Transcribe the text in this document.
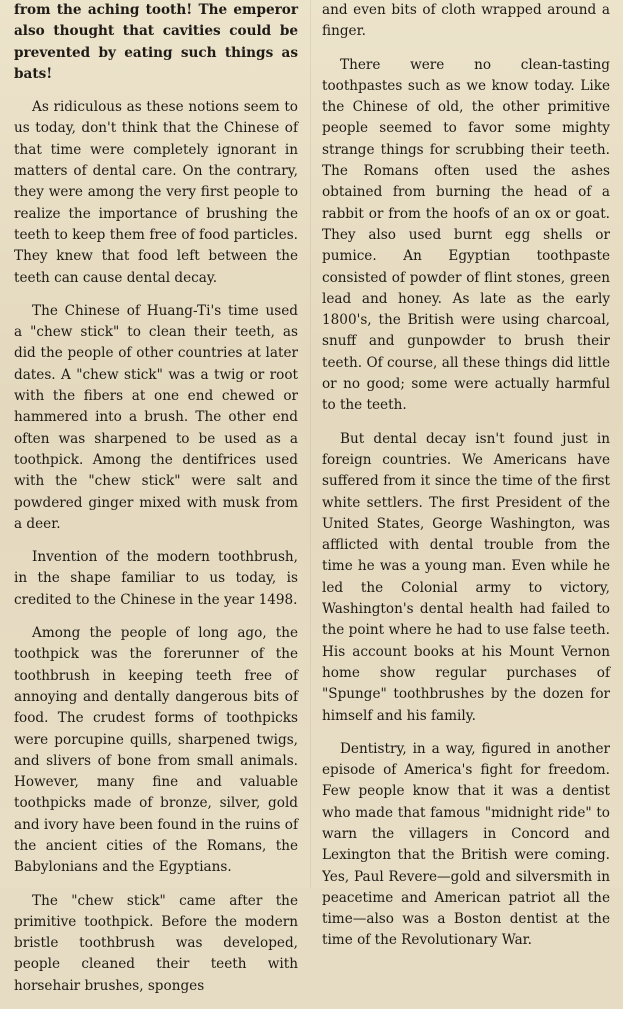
from the aching tooth! The emperor also thought that cavities could be prevented by eating such things as bats!

As ridiculous as these notions seem to us today, don't think that the Chinese of that time were completely ignorant in matters of dental care. On the contrary, they were among the very first people to realize the importance of brushing the teeth to keep them free of food particles. They knew that food left between the teeth can cause dental decay.

The Chinese of Huang-Ti's time used a "chew stick" to clean their teeth, as did the people of other countries at later dates. A "chew stick" was a twig or root with the fibers at one end chewed or hammered into a brush. The other end often was sharpened to be used as a toothpick. Among the dentifrices used with the "chew stick" were salt and powdered ginger mixed with musk from a deer.

Invention of the modern toothbrush, in the shape familiar to us today, is credited to the Chinese in the year 1498.

Among the people of long ago, the toothpick was the forerunner of the toothbrush in keeping teeth free of annoying and dentally dangerous bits of food. The crudest forms of toothpicks were porcupine quills, sharpened twigs, and slivers of bone from small animals. However, many fine and valuable toothpicks made of bronze, silver, gold and ivory have been found in the ruins of the ancient cities of the Romans, the Babylonians and the Egyptians.

The "chew stick" came after the primitive toothpick. Before the modern bristle toothbrush was developed, people cleaned their teeth with horsehair brushes, sponges

and even bits of cloth wrapped around a finger.

There were no clean-tasting toothpastes such as we know today. Like the Chinese of old, the other primitive people seemed to favor some mighty strange things for scrubbing their teeth. The Romans often used the ashes obtained from burning the head of a rabbit or from the hoofs of an ox or goat. They also used burnt egg shells or pumice. An Egyptian toothpaste consisted of powder of flint stones, green lead and honey. As late as the early 1800's, the British were using charcoal, snuff and gunpowder to brush their teeth. Of course, all these things did little or no good; some were actually harmful to the teeth.

But dental decay isn't found just in foreign countries. We Americans have suffered from it since the time of the first white settlers. The first President of the United States, George Washington, was afflicted with dental trouble from the time he was a young man. Even while he led the Colonial army to victory, Washington's dental health had failed to the point where he had to use false teeth. His account books at his Mount Vernon home show regular purchases of "Spunge" toothbrushes by the dozen for himself and his family.

Dentistry, in a way, figured in another episode of America's fight for freedom. Few people know that it was a dentist who made that famous "midnight ride" to warn the villagers in Concord and Lexington that the British were coming. Yes, Paul Revere—gold and silversmith in peacetime and American patriot all the time—also was a Boston dentist at the time of the Revolutionary War.
